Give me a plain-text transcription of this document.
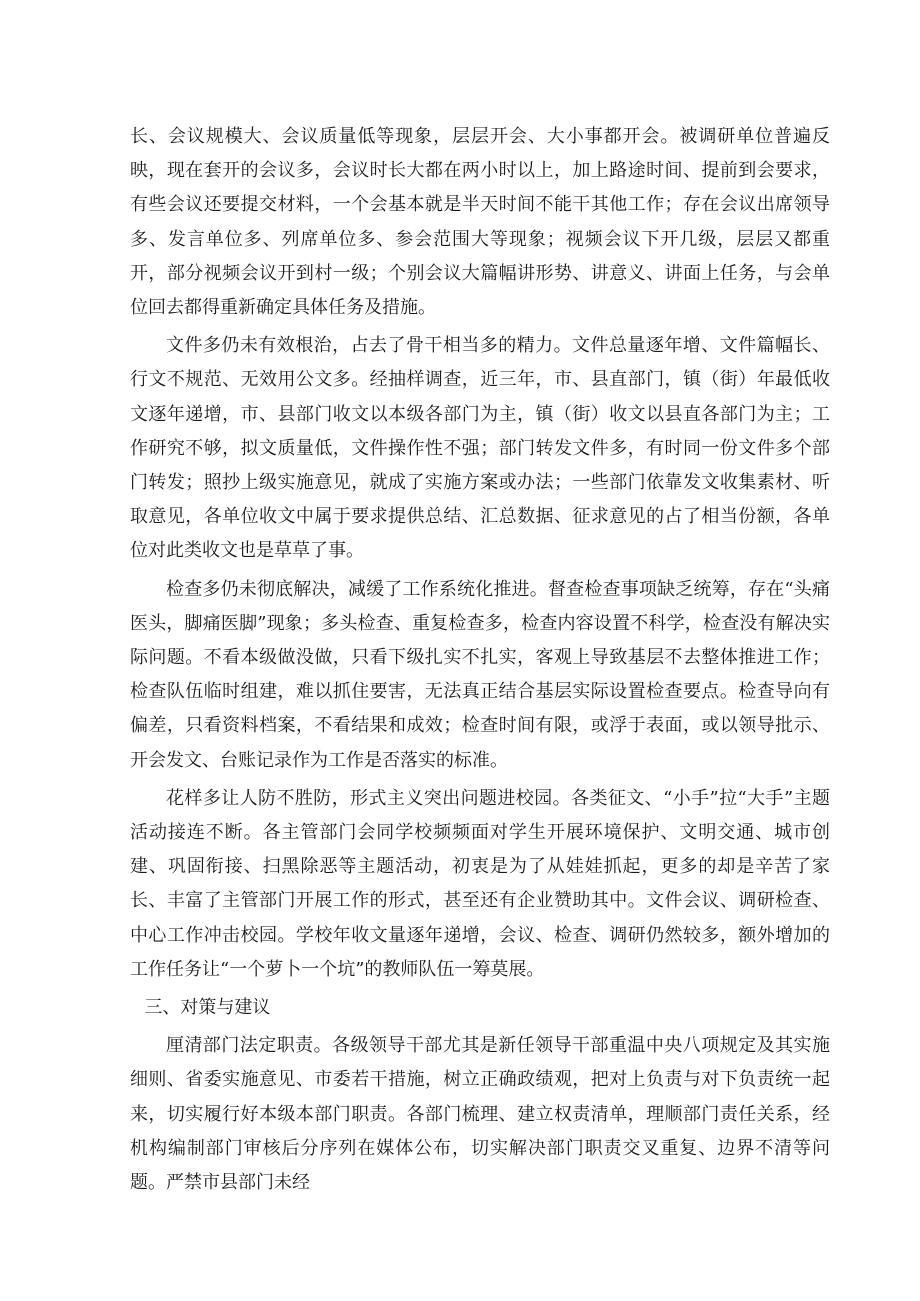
长、会议规模大、会议质量低等现象，层层开会、大小事都开会。被调研单位普遍反映，现在套开的会议多，会议时长大都在两小时以上，加上路途时间、提前到会要求，有些会议还要提交材料，一个会基本就是半天时间不能干其他工作；存在会议出席领导多、发言单位多、列席单位多、参会范围大等现象；视频会议下开几级，层层又都重开，部分视频会议开到村一级；个别会议大篇幅讲形势、讲意义、讲面上任务，与会单位回去都得重新确定具体任务及措施。

文件多仍未有效根治，占去了骨干相当多的精力。文件总量逐年增、文件篇幅长、行文不规范、无效用公文多。经抽样调查，近三年，市、县直部门，镇（街）年最低收文逐年递增，市、县部门收文以本级各部门为主，镇（街）收文以县直各部门为主；工作研究不够，拟文质量低，文件操作性不强；部门转发文件多，有时同一份文件多个部门转发；照抄上级实施意见，就成了实施方案或办法；一些部门依靠发文收集素材、听取意见，各单位收文中属于要求提供总结、汇总数据、征求意见的占了相当份额，各单位对此类收文也是草草了事。

检查多仍未彻底解决，减缓了工作系统化推进。督查检查事项缺乏统筹，存在“头痛医头，脚痛医脚”现象；多头检查、重复检查多，检查内容设置不科学，检查没有解决实际问题。不看本级做没做，只看下级扎实不扎实，客观上导致基层不去整体推进工作；检查队伍临时组建，难以抓住要害，无法真正结合基层实际设置检查要点。检查导向有偏差，只看资料档案，不看结果和成效；检查时间有限，或浮于表面，或以领导批示、开会发文、台账记录作为工作是否落实的标准。

花样多让人防不胜防，形式主义突出问题进校园。各类征文、“小手”拉“大手”主题活动接连不断。各主管部门会同学校频频面对学生开展环境保护、文明交通、城市创建、巩固衔接、扫黑除恶等主题活动，初衷是为了从娃娃抓起，更多的却是辛苦了家长、丰富了主管部门开展工作的形式，甚至还有企业赞助其中。文件会议、调研检查、中心工作冲击校园。学校年收文量逐年递增，会议、检查、调研仍然较多，额外增加的工作任务让“一个萝卜一个坑”的教师队伍一筹莫展。

三、对策与建议

厘清部门法定职责。各级领导干部尤其是新任领导干部重温中央八项规定及其实施细则、省委实施意见、市委若干措施，树立正确政绩观，把对上负责与对下负责统一起来，切实履行好本级本部门职责。各部门梳理、建立权责清单，理顺部门责任关系，经机构编制部门审核后分序列在媒体公布，切实解决部门职责交叉重复、边界不清等问题。严禁市县部门未经
